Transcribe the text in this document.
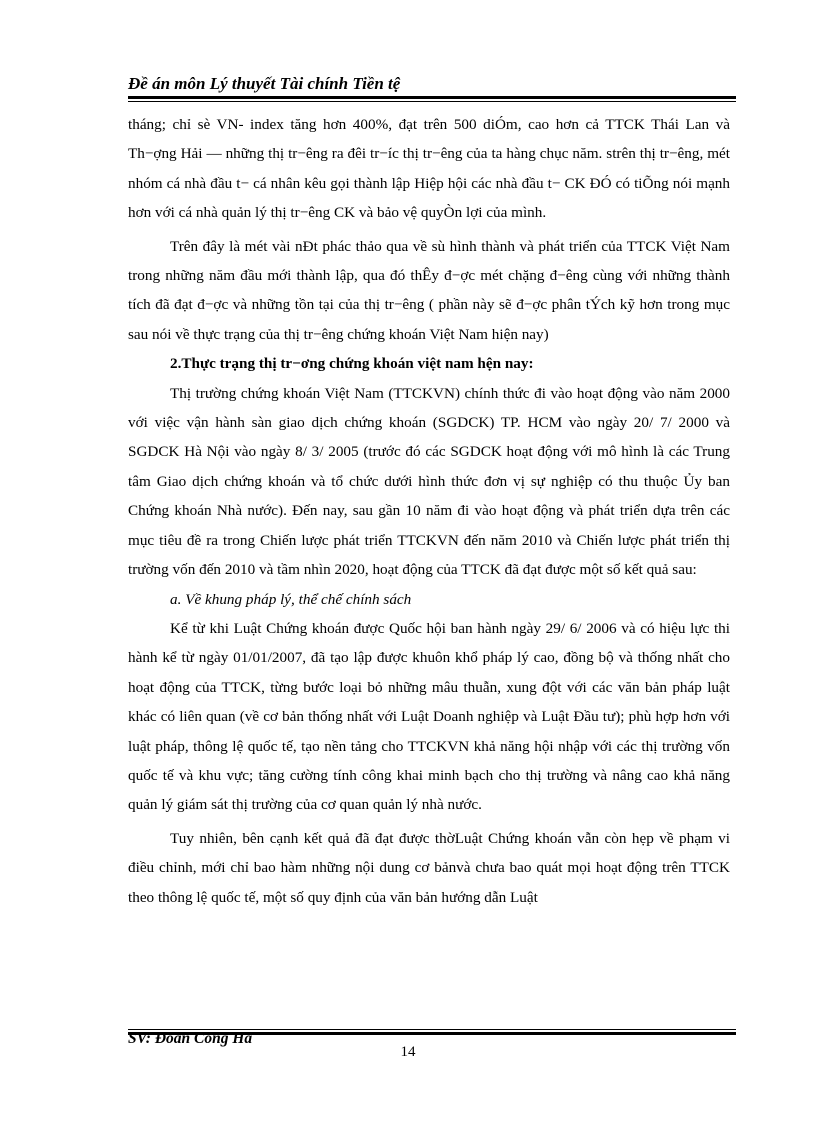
Đề án môn Lý thuyết Tài chính Tiền tệ

tháng; chỉ sè VN- index tăng hơn 400%, đạt trên 500 diÓm, cao hơn cả TTCK Thái Lan và Th−ợng Hải — những thị tr−êng ra đêi tr−íc thị tr−êng của ta hàng chục năm. strên thị tr−êng, mét nhóm cá nhà đầu t− cá nhân kêu gọi thành lập Hiệp hội các nhà đầu t− CK ĐÓ có tiÕng nói mạnh hơn với cá nhà quản lý thị tr−êng CK và bảo vệ quyÒn lợi của mình.

Trên đây là mét vài nÐt phác thảo qua về sù hình thành và phát triển của TTCK Việt Nam trong những năm đầu mới thành lập, qua đó thÊy đ−ợc mét chặng đ−êng cùng với những thành tích đã đạt đ−ợc và những tồn tại của thị tr−êng ( phần này sẽ đ−ợc phân tÝch kỹ hơn trong mục sau nói về thực trạng của thị tr−êng chứng khoán Việt Nam hiện nay)

2.Thực trạng thị tr−ơng chứng khoán việt nam hện nay:

Thị trường chứng khoán Việt Nam (TTCKVN) chính thức đi vào hoạt động vào năm 2000 với việc vận hành sàn giao dịch chứng khoán (SGDCK) TP. HCM vào ngày 20/ 7/ 2000 và SGDCK Hà Nội vào ngày 8/ 3/ 2005 (trước đó các SGDCK hoạt động với mô hình là các Trung tâm Giao dịch chứng khoán và tổ chức dưới hình thức đơn vị sự nghiệp có thu thuộc Ủy ban Chứng khoán Nhà nước). Đến nay, sau gần 10 năm đi vào hoạt động và phát triển dựa trên các mục tiêu đề ra trong Chiến lược phát triển TTCKVN đến năm 2010 và Chiến lược phát triển thị trường vốn đến 2010 và tầm nhìn 2020, hoạt động của TTCK đã đạt được một số kết quả sau:

a. Về khung pháp lý, thể chế chính sách

Kể từ khi Luật Chứng khoán được Quốc hội ban hành ngày 29/ 6/ 2006 và có hiệu lực thi hành kể từ ngày 01/01/2007, đã tạo lập được khuôn khổ pháp lý cao, đồng bộ và thống nhất cho hoạt động của TTCK, từng bước loại bỏ những mâu thuẫn, xung đột với các văn bản pháp luật khác có liên quan (về cơ bản thống nhất với Luật Doanh nghiệp và Luật Đầu tư); phù hợp hơn với luật pháp, thông lệ quốc tế, tạo nền tảng cho TTCKVN khả năng hội nhập với các thị trường vốn quốc tế và khu vực; tăng cường tính công khai minh bạch cho thị trường và nâng cao khả năng quản lý giám sát thị trường của cơ quan quản lý nhà nước.

Tuy nhiên, bên cạnh kết quả đã đạt được thờLuật Chứng khoán vẫn còn hẹp về phạm vi điều chỉnh, mới chỉ bao hàm những nội dung cơ bảnvà chưa bao quát mọi hoạt động trên TTCK theo thông lệ quốc tế, một số quy định của văn bản hướng dẫn Luật

SV: Đoàn Công Hà
14
